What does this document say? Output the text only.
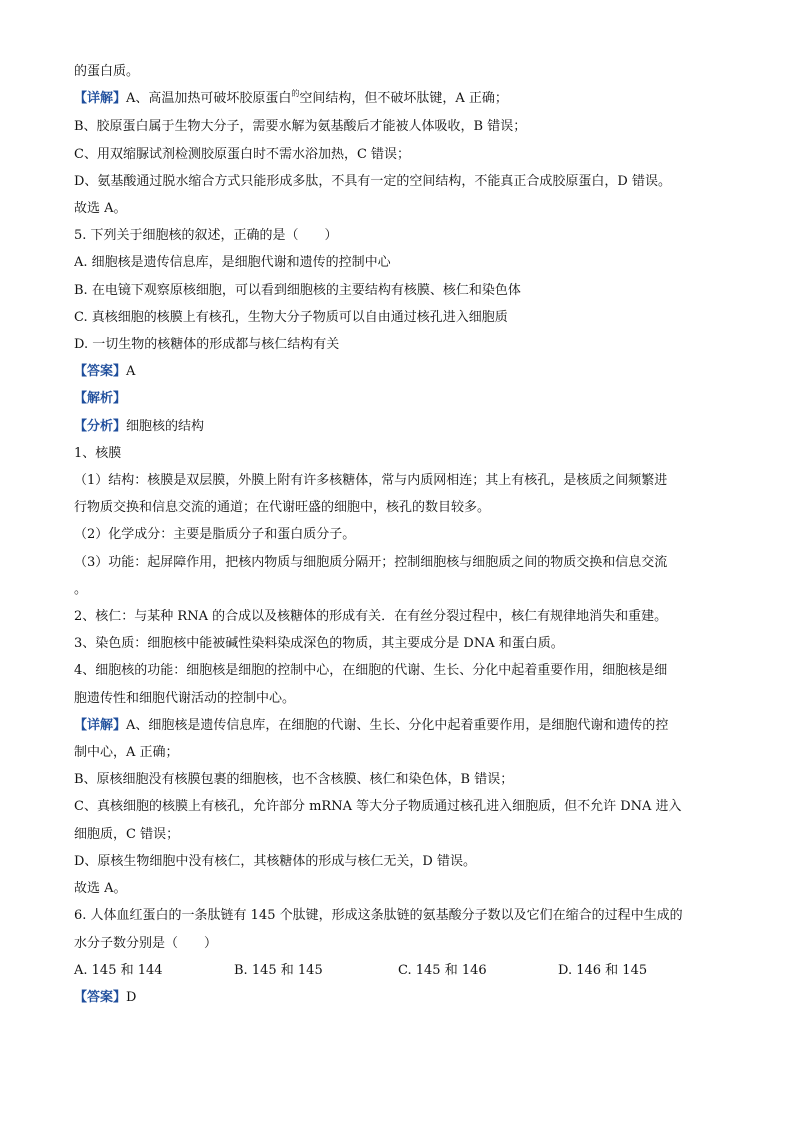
的蛋白质。
【详解】A、高温加热可破坏胶原蛋白$^的$空间结构，但不破坏肽键，A 正确；
B、胶原蛋白属于生物大分子，需要水解为氨基酸后才能被人体吸收，B 错误；
C、用双缩脲试剂检测胶原蛋白时不需水浴加热，C 错误；
D、氨基酸通过脱水缩合方式只能形成多肽，不具有一定的空间结构，不能真正合成胶原蛋白，D 错误。
故选 A。
5. 下列关于细胞核的叙述，正确的是（　　）
A. 细胞核是遗传信息库，是细胞代谢和遗传的控制中心
B. 在电镜下观察原核细胞，可以看到细胞核的主要结构有核膜、核仁和染色体
C. 真核细胞的核膜上有核孔，生物大分子物质可以自由通过核孔进入细胞质
D. 一切生物的核糖体的形成都与核仁结构有关
【答案】A
【解析】
【分析】细胞核的结构
1、核膜
（1）结构：核膜是双层膜，外膜上附有许多核糖体，常与内质网相连；其上有核孔，是核质之间频繁进
行物质交换和信息交流的通道；在代谢旺盛的细胞中，核孔的数目较多。
（2）化学成分：主要是脂质分子和蛋白质分子。
（3）功能：起屏障作用，把核内物质与细胞质分隔开；控制细胞核与细胞质之间的物质交换和信息交流
。
2、核仁：与某种 RNA 的合成以及核糖体的形成有关．在有丝分裂过程中，核仁有规律地消失和重建。
3、染色质：细胞核中能被碱性染料染成深色的物质，其主要成分是 DNA 和蛋白质。
4、细胞核的功能：细胞核是细胞的控制中心，在细胞的代谢、生长、分化中起着重要作用，细胞核是细
胞遗传性和细胞代谢活动的控制中心。
【详解】A、细胞核是遗传信息库，在细胞的代谢、生长、分化中起着重要作用，是细胞代谢和遗传的控
制中心，A 正确；
B、原核细胞没有核膜包裹的细胞核，也不含核膜、核仁和染色体，B 错误；
C、真核细胞的核膜上有核孔，允许部分 mRNA 等大分子物质通过核孔进入细胞质，但不允许 DNA 进入
细胞质，C 错误；
D、原核生物细胞中没有核仁，其核糖体的形成与核仁无关，D 错误。
故选 A。
6. 人体血红蛋白的一条肽链有 145 个肽键，形成这条肽链的氨基酸分子数以及它们在缩合的过程中生成的
水分子数分别是（　　）
A. 145 和 144	B. 145 和 145	C. 145 和 146	D. 146 和 145
【答案】D
